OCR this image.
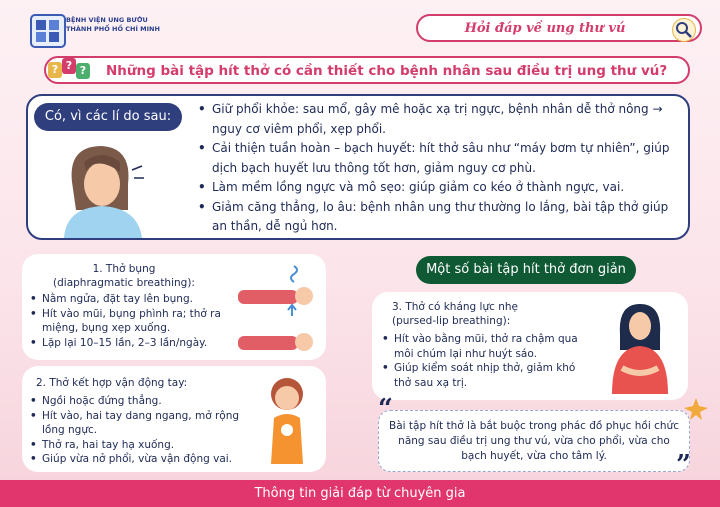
BỆNH VIỆN UNG BƯỚU
THÀNH PHỐ HỒ CHÍ MINH	Hỏi đáp về ung thư vú
Những bài tập hít thở có cần thiết cho bệnh nhân sau điều trị ung thư vú?
? ? ?
Có, vì các lí do sau:
•	Giữ phổi khỏe: sau mổ, gây mê hoặc xạ trị ngực, bệnh nhân dễ thở nông → nguy cơ viêm phổi, xẹp phổi.
• Cải thiện tuần hoàn – bạch huyết: hít thở sâu như “máy bơm tự nhiên”, giúp dịch bạch huyết lưu thông tốt hơn, giảm nguy cơ phù.
• Làm mềm lồng ngực và mô sẹo: giúp giảm co kéo ở thành ngực, vai.
• Giảm căng thẳng, lo âu: bệnh nhân ung thư thường lo lắng, bài tập thở giúp an thần, dễ ngủ hơn.
1. Thở bụng
(diaphragmatic breathing):
• Nằm ngửa, đặt tay lên bụng.
• Hít vào mũi, bụng phình ra; thở ra miệng, bụng xẹp xuống.
• Lặp lại 10–15 lần, 2–3 lần/ngày.
2. Thở kết hợp vận động tay:
• Ngồi hoặc đứng thẳng.
• Hít vào, hai tay dang ngang, mở rộng lồng ngực.
• Thở ra, hai tay hạ xuống.
• Giúp vừa nở phổi, vừa vận động vai.
Một số bài tập hít thở đơn giản
3. Thở có kháng lực nhẹ
(pursed-lip breathing):
• Hít vào bằng mũi, thở ra chậm qua môi chúm lại như huýt sáo.
• Giúp kiểm soát nhịp thở, giảm khó thở sau xạ trị.
Bài tập hít thở là bắt buộc trong phác đồ phục hồi chức năng sau điều trị ung thư vú, vừa cho phổi, vừa cho bạch huyết, vừa cho tâm lý.
“
”
Thông tin giải đáp từ chuyên gia
